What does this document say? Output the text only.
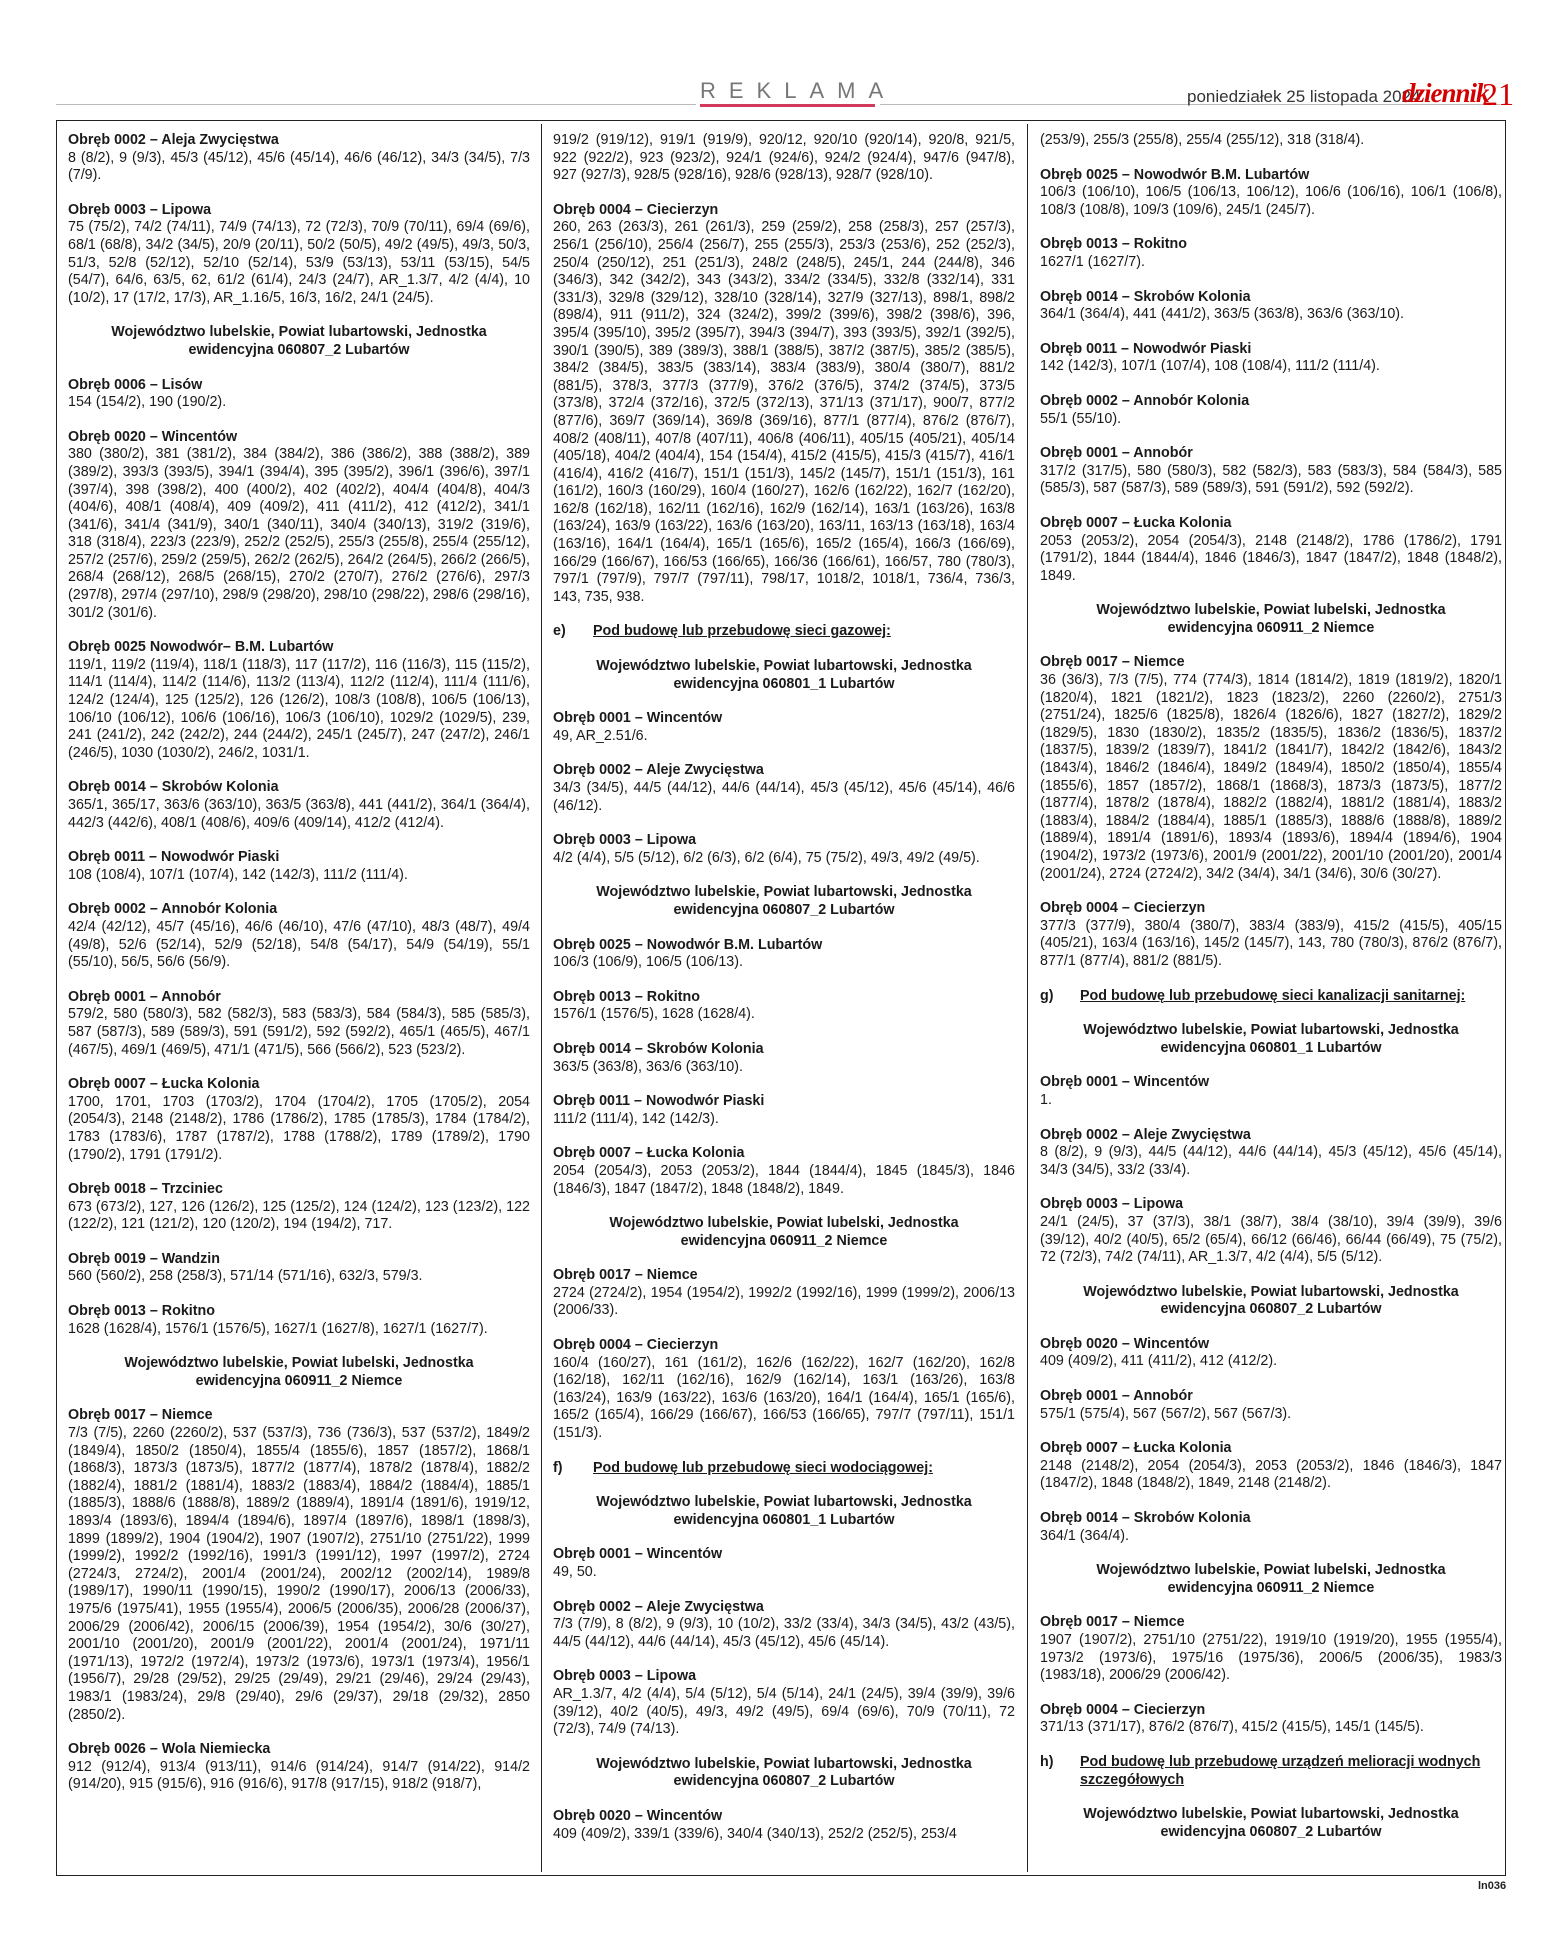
REKLAMA	poniedziałek 25 listopada 2024
dziennik
21
Obręb 0002 – Aleja Zwycięstwa
8 (8/2), 9 (9/3), 45/3 (45/12), 45/6 (45/14), 46/6 (46/12), 34/3 (34/5), 7/3 (7/9).
Obręb 0003 – Lipowa
75 (75/2), 74/2 (74/11), 74/9 (74/13), 72 (72/3), 70/9 (70/11), 69/4 (69/6), 68/1 (68/8), 34/2 (34/5), 20/9 (20/11), 50/2 (50/5), 49/2 (49/5), 49/3, 50/3, 51/3, 52/8 (52/12), 52/10 (52/14), 53/9 (53/13), 53/11 (53/15), 54/5 (54/7), 64/6, 63/5, 62, 61/2 (61/4), 24/3 (24/7), AR_1.3/7, 4/2 (4/4), 10 (10/2), 17 (17/2, 17/3), AR_1.16/5, 16/3, 16/2, 24/1 (24/5).
Województwo lubelskie, Powiat lubartowski, Jednostka ewidencyjna 060807_2 Lubartów
Obręb 0006 – Lisów
154 (154/2), 190 (190/2).
Obręb 0020 – Wincentów
380 (380/2), 381 (381/2), 384 (384/2), 386 (386/2), 388 (388/2), 389 (389/2), 393/3 (393/5), 394/1 (394/4), 395 (395/2), 396/1 (396/6), 397/1 (397/4), 398 (398/2), 400 (400/2), 402 (402/2), 404/4 (404/8), 404/3 (404/6), 408/1 (408/4), 409 (409/2), 411 (411/2), 412 (412/2), 341/1 (341/6), 341/4 (341/9), 340/1 (340/11), 340/4 (340/13), 319/2 (319/6), 318 (318/4), 223/3 (223/9), 252/2 (252/5), 255/3 (255/8), 255/4 (255/12), 257/2 (257/6), 259/2 (259/5), 262/2 (262/5), 264/2 (264/5), 266/2 (266/5), 268/4 (268/12), 268/5 (268/15), 270/2 (270/7), 276/2 (276/6), 297/3 (297/8), 297/4 (297/10), 298/9 (298/20), 298/10 (298/22), 298/6 (298/16), 301/2 (301/6).
Obręb 0025 Nowodwór– B.M. Lubartów
119/1, 119/2 (119/4), 118/1 (118/3), 117 (117/2), 116 (116/3), 115 (115/2), 114/1 (114/4), 114/2 (114/6), 113/2 (113/4), 112/2 (112/4), 111/4 (111/6), 124/2 (124/4), 125 (125/2), 126 (126/2), 108/3 (108/8), 106/5 (106/13), 106/10 (106/12), 106/6 (106/16), 106/3 (106/10), 1029/2 (1029/5), 239, 241 (241/2), 242 (242/2), 244 (244/2), 245/1 (245/7), 247 (247/2), 246/1 (246/5), 1030 (1030/2), 246/2, 1031/1.
Obręb 0014 – Skrobów Kolonia
365/1, 365/17, 363/6 (363/10), 363/5 (363/8), 441 (441/2), 364/1 (364/4), 442/3 (442/6), 408/1 (408/6), 409/6 (409/14), 412/2 (412/4).
Obręb 0011 – Nowodwór Piaski
108 (108/4), 107/1 (107/4), 142 (142/3), 111/2 (111/4).
Obręb 0002 – Annobór Kolonia
42/4 (42/12), 45/7 (45/16), 46/6 (46/10), 47/6 (47/10), 48/3 (48/7), 49/4 (49/8), 52/6 (52/14), 52/9 (52/18), 54/8 (54/17), 54/9 (54/19), 55/1 (55/10), 56/5, 56/6 (56/9).
Obręb 0001 – Annobór
579/2, 580 (580/3), 582 (582/3), 583 (583/3), 584 (584/3), 585 (585/3), 587 (587/3), 589 (589/3), 591 (591/2), 592 (592/2), 465/1 (465/5), 467/1 (467/5), 469/1 (469/5), 471/1 (471/5), 566 (566/2), 523 (523/2).
Obręb 0007 – Łucka Kolonia
1700, 1701, 1703 (1703/2), 1704 (1704/2), 1705 (1705/2), 2054 (2054/3), 2148 (2148/2), 1786 (1786/2), 1785 (1785/3), 1784 (1784/2), 1783 (1783/6), 1787 (1787/2), 1788 (1788/2), 1789 (1789/2), 1790 (1790/2), 1791 (1791/2).
Obręb 0018 – Trzciniec
673 (673/2), 127, 126 (126/2), 125 (125/2), 124 (124/2), 123 (123/2), 122 (122/2), 121 (121/2), 120 (120/2), 194 (194/2), 717.
Obręb 0019 – Wandzin
560 (560/2), 258 (258/3), 571/14 (571/16), 632/3, 579/3.
Obręb 0013 – Rokitno
1628 (1628/4), 1576/1 (1576/5), 1627/1 (1627/8), 1627/1 (1627/7).
Województwo lubelskie, Powiat lubelski, Jednostka ewidencyjna 060911_2 Niemce
Obręb 0017 – Niemce
7/3 (7/5), 2260 (2260/2), 537 (537/3), 736 (736/3), 537 (537/2), 1849/2 (1849/4), 1850/2 (1850/4), 1855/4 (1855/6), 1857 (1857/2), 1868/1 (1868/3), 1873/3 (1873/5), 1877/2 (1877/4), 1878/2 (1878/4), 1882/2 (1882/4), 1881/2 (1881/4), 1883/2 (1883/4), 1884/2 (1884/4), 1885/1 (1885/3), 1888/6 (1888/8), 1889/2 (1889/4), 1891/4 (1891/6), 1919/12, 1893/4 (1893/6), 1894/4 (1894/6), 1897/4 (1897/6), 1898/1 (1898/3), 1899 (1899/2), 1904 (1904/2), 1907 (1907/2), 2751/10 (2751/22), 1999 (1999/2), 1992/2 (1992/16), 1991/3 (1991/12), 1997 (1997/2), 2724 (2724/3, 2724/2), 2001/4 (2001/24), 2002/12 (2002/14), 1989/8 (1989/17), 1990/11 (1990/15), 1990/2 (1990/17), 2006/13 (2006/33), 1975/6 (1975/41), 1955 (1955/4), 2006/5 (2006/35), 2006/28 (2006/37), 2006/29 (2006/42), 2006/15 (2006/39), 1954 (1954/2), 30/6 (30/27), 2001/10 (2001/20), 2001/9 (2001/22), 2001/4 (2001/24), 1971/11 (1971/13), 1972/2 (1972/4), 1973/2 (1973/6), 1973/1 (1973/4), 1956/1 (1956/7), 29/28 (29/52), 29/25 (29/49), 29/21 (29/46), 29/24 (29/43), 1983/1 (1983/24), 29/8 (29/40), 29/6 (29/37), 29/18 (29/32), 2850 (2850/2).
Obręb 0026 – Wola Niemiecka
912 (912/4), 913/4 (913/11), 914/6 (914/24), 914/7 (914/22), 914/2 (914/20), 915 (915/6), 916 (916/6), 917/8 (917/15), 918/2 (918/7),
919/2 (919/12), 919/1 (919/9), 920/12, 920/10 (920/14), 920/8, 921/5, 922 (922/2), 923 (923/2), 924/1 (924/6), 924/2 (924/4), 947/6 (947/8), 927 (927/3), 928/5 (928/16), 928/6 (928/13), 928/7 (928/10).
Obręb 0004 – Ciecierzyn
260, 263 (263/3), 261 (261/3), 259 (259/2), 258 (258/3), 257 (257/3), 256/1 (256/10), 256/4 (256/7), 255 (255/3), 253/3 (253/6), 252 (252/3), 250/4 (250/12), 251 (251/3), 248/2 (248/5), 245/1, 244 (244/8), 346 (346/3), 342 (342/2), 343 (343/2), 334/2 (334/5), 332/8 (332/14), 331 (331/3), 329/8 (329/12), 328/10 (328/14), 327/9 (327/13), 898/1, 898/2 (898/4), 911 (911/2), 324 (324/2), 399/2 (399/6), 398/2 (398/6), 396, 395/4 (395/10), 395/2 (395/7), 394/3 (394/7), 393 (393/5), 392/1 (392/5), 390/1 (390/5), 389 (389/3), 388/1 (388/5), 387/2 (387/5), 385/2 (385/5), 384/2 (384/5), 383/5 (383/14), 383/4 (383/9), 380/4 (380/7), 881/2 (881/5), 378/3, 377/3 (377/9), 376/2 (376/5), 374/2 (374/5), 373/5 (373/8), 372/4 (372/16), 372/5 (372/13), 371/13 (371/17), 900/7, 877/2 (877/6), 369/7 (369/14), 369/8 (369/16), 877/1 (877/4), 876/2 (876/7), 408/2 (408/11), 407/8 (407/11), 406/8 (406/11), 405/15 (405/21), 405/14 (405/18), 404/2 (404/4), 154 (154/4), 415/2 (415/5), 415/3 (415/7), 416/1 (416/4), 416/2 (416/7), 151/1 (151/3), 145/2 (145/7), 151/1 (151/3), 161 (161/2), 160/3 (160/29), 160/4 (160/27), 162/6 (162/22), 162/7 (162/20), 162/8 (162/18), 162/11 (162/16), 162/9 (162/14), 163/1 (163/26), 163/8 (163/24), 163/9 (163/22), 163/6 (163/20), 163/11, 163/13 (163/18), 163/4 (163/16), 164/1 (164/4), 165/1 (165/6), 165/2 (165/4), 166/3 (166/69), 166/29 (166/67), 166/53 (166/65), 166/36 (166/61), 166/57, 780 (780/3), 797/1 (797/9), 797/7 (797/11), 798/17, 1018/2, 1018/1, 736/4, 736/3, 143, 735, 938.
e)	Pod budowę lub przebudowę sieci gazowej:
Województwo lubelskie, Powiat lubartowski, Jednostka ewidencyjna 060801_1 Lubartów
Obręb 0001 – Wincentów
49, AR_2.51/6.
Obręb 0002 – Aleje Zwycięstwa
34/3 (34/5), 44/5 (44/12), 44/6 (44/14), 45/3 (45/12), 45/6 (45/14), 46/6 (46/12).
Obręb 0003 – Lipowa
4/2 (4/4), 5/5 (5/12), 6/2 (6/3), 6/2 (6/4), 75 (75/2), 49/3, 49/2 (49/5).
Województwo lubelskie, Powiat lubartowski, Jednostka ewidencyjna 060807_2 Lubartów
Obręb 0025 – Nowodwór B.M. Lubartów
106/3 (106/9), 106/5 (106/13).
Obręb 0013 – Rokitno
1576/1 (1576/5), 1628 (1628/4).
Obręb 0014 – Skrobów Kolonia
363/5 (363/8), 363/6 (363/10).
Obręb 0011 – Nowodwór Piaski
111/2 (111/4), 142 (142/3).
Obręb 0007 – Łucka Kolonia
2054 (2054/3), 2053 (2053/2), 1844 (1844/4), 1845 (1845/3), 1846 (1846/3), 1847 (1847/2), 1848 (1848/2), 1849.
Województwo lubelskie, Powiat lubelski, Jednostka ewidencyjna 060911_2 Niemce
Obręb 0017 – Niemce
2724 (2724/2), 1954 (1954/2), 1992/2 (1992/16), 1999 (1999/2), 2006/13 (2006/33).
Obręb 0004 – Ciecierzyn
160/4 (160/27), 161 (161/2), 162/6 (162/22), 162/7 (162/20), 162/8 (162/18), 162/11 (162/16), 162/9 (162/14), 163/1 (163/26), 163/8 (163/24), 163/9 (163/22), 163/6 (163/20), 164/1 (164/4), 165/1 (165/6), 165/2 (165/4), 166/29 (166/67), 166/53 (166/65), 797/7 (797/11), 151/1 (151/3).
f)	Pod budowę lub przebudowę sieci wodociągowej:
Województwo lubelskie, Powiat lubartowski, Jednostka ewidencyjna 060801_1 Lubartów
Obręb 0001 – Wincentów
49, 50.
Obręb 0002 – Aleje Zwycięstwa
7/3 (7/9), 8 (8/2), 9 (9/3), 10 (10/2), 33/2 (33/4), 34/3 (34/5), 43/2 (43/5), 44/5 (44/12), 44/6 (44/14), 45/3 (45/12), 45/6 (45/14).
Obręb 0003 – Lipowa
AR_1.3/7, 4/2 (4/4), 5/4 (5/12), 5/4 (5/14), 24/1 (24/5), 39/4 (39/9), 39/6 (39/12), 40/2 (40/5), 49/3, 49/2 (49/5), 69/4 (69/6), 70/9 (70/11), 72 (72/3), 74/9 (74/13).
Województwo lubelskie, Powiat lubartowski, Jednostka ewidencyjna 060807_2 Lubartów
Obręb 0020 – Wincentów
409 (409/2), 339/1 (339/6), 340/4 (340/13), 252/2 (252/5), 253/4
(253/9), 255/3 (255/8), 255/4 (255/12), 318 (318/4).
Obręb 0025 – Nowodwór B.M. Lubartów
106/3 (106/10), 106/5 (106/13, 106/12), 106/6 (106/16), 106/1 (106/8), 108/3 (108/8), 109/3 (109/6), 245/1 (245/7).
Obręb 0013 – Rokitno
1627/1 (1627/7).
Obręb 0014 – Skrobów Kolonia
364/1 (364/4), 441 (441/2), 363/5 (363/8), 363/6 (363/10).
Obręb 0011 – Nowodwór Piaski
142 (142/3), 107/1 (107/4), 108 (108/4), 111/2 (111/4).
Obręb 0002 – Annobór Kolonia
55/1 (55/10).
Obręb 0001 – Annobór
317/2 (317/5), 580 (580/3), 582 (582/3), 583 (583/3), 584 (584/3), 585 (585/3), 587 (587/3), 589 (589/3), 591 (591/2), 592 (592/2).
Obręb 0007 – Łucka Kolonia
2053 (2053/2), 2054 (2054/3), 2148 (2148/2), 1786 (1786/2), 1791 (1791/2), 1844 (1844/4), 1846 (1846/3), 1847 (1847/2), 1848 (1848/2), 1849.
Województwo lubelskie, Powiat lubelski, Jednostka ewidencyjna 060911_2 Niemce
Obręb 0017 – Niemce
36 (36/3), 7/3 (7/5), 774 (774/3), 1814 (1814/2), 1819 (1819/2), 1820/1 (1820/4), 1821 (1821/2), 1823 (1823/2), 2260 (2260/2), 2751/3 (2751/24), 1825/6 (1825/8), 1826/4 (1826/6), 1827 (1827/2), 1829/2 (1829/5), 1830 (1830/2), 1835/2 (1835/5), 1836/2 (1836/5), 1837/2 (1837/5), 1839/2 (1839/7), 1841/2 (1841/7), 1842/2 (1842/6), 1843/2 (1843/4), 1846/2 (1846/4), 1849/2 (1849/4), 1850/2 (1850/4), 1855/4 (1855/6), 1857 (1857/2), 1868/1 (1868/3), 1873/3 (1873/5), 1877/2 (1877/4), 1878/2 (1878/4), 1882/2 (1882/4), 1881/2 (1881/4), 1883/2 (1883/4), 1884/2 (1884/4), 1885/1 (1885/3), 1888/6 (1888/8), 1889/2 (1889/4), 1891/4 (1891/6), 1893/4 (1893/6), 1894/4 (1894/6), 1904 (1904/2), 1973/2 (1973/6), 2001/9 (2001/22), 2001/10 (2001/20), 2001/4 (2001/24), 2724 (2724/2), 34/2 (34/4), 34/1 (34/6), 30/6 (30/27).
Obręb 0004 – Ciecierzyn
377/3 (377/9), 380/4 (380/7), 383/4 (383/9), 415/2 (415/5), 405/15 (405/21), 163/4 (163/16), 145/2 (145/7), 143, 780 (780/3), 876/2 (876/7), 877/1 (877/4), 881/2 (881/5).
g)	Pod budowę lub przebudowę sieci kanalizacji sanitarnej:
Województwo lubelskie, Powiat lubartowski, Jednostka ewidencyjna 060801_1 Lubartów
Obręb 0001 – Wincentów
1.
Obręb 0002 – Aleje Zwycięstwa
8 (8/2), 9 (9/3), 44/5 (44/12), 44/6 (44/14), 45/3 (45/12), 45/6 (45/14), 34/3 (34/5), 33/2 (33/4).
Obręb 0003 – Lipowa
24/1 (24/5), 37 (37/3), 38/1 (38/7), 38/4 (38/10), 39/4 (39/9), 39/6 (39/12), 40/2 (40/5), 65/2 (65/4), 66/12 (66/46), 66/44 (66/49), 75 (75/2), 72 (72/3), 74/2 (74/11), AR_1.3/7, 4/2 (4/4), 5/5 (5/12).
Województwo lubelskie, Powiat lubartowski, Jednostka ewidencyjna 060807_2 Lubartów
Obręb 0020 – Wincentów
409 (409/2), 411 (411/2), 412 (412/2).
Obręb 0001 – Annobór
575/1 (575/4), 567 (567/2), 567 (567/3).
Obręb 0007 – Łucka Kolonia
2148 (2148/2), 2054 (2054/3), 2053 (2053/2), 1846 (1846/3), 1847 (1847/2), 1848 (1848/2), 1849, 2148 (2148/2).
Obręb 0014 – Skrobów Kolonia
364/1 (364/4).
Województwo lubelskie, Powiat lubelski, Jednostka ewidencyjna 060911_2 Niemce
Obręb 0017 – Niemce
1907 (1907/2), 2751/10 (2751/22), 1919/10 (1919/20), 1955 (1955/4), 1973/2 (1973/6), 1975/16 (1975/36), 2006/5 (2006/35), 1983/3 (1983/18), 2006/29 (2006/42).
Obręb 0004 – Ciecierzyn
371/13 (371/17), 876/2 (876/7), 415/2 (415/5), 145/1 (145/5).
h)	Pod budowę lub przebudowę urządzeń melioracji wodnych szczegółowych
Województwo lubelskie, Powiat lubartowski, Jednostka ewidencyjna 060807_2 Lubartów
ln036
